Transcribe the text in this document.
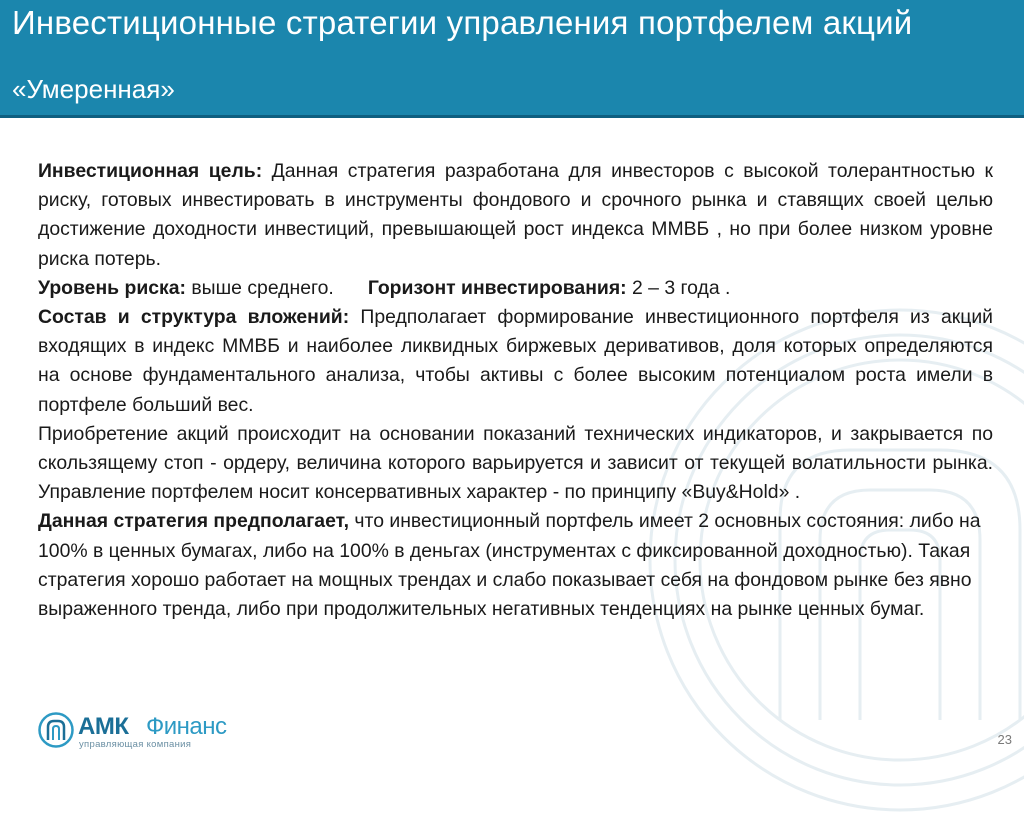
Инвестиционные стратегии управления портфелем акций
«Умеренная»

Инвестиционная цель: Данная стратегия разработана для инвесторов с высокой толерантностью к риску, готовых инвестировать в инструменты фондового и срочного рынка и ставящих своей целью достижение доходности инвестиций, превышающей рост индекса ММВБ , но при более низком уровне риска потерь.

Уровень риска: выше среднего. Горизонт инвестирования: 2 – 3 года .

Состав и структура вложений: Предполагает формирование инвестиционного портфеля из акций входящих в индекс ММВБ и наиболее ликвидных биржевых деривативов, доля которых определяются на основе фундаментального анализа, чтобы активы с более высоким потенциалом роста имели в портфеле больший вес.

Приобретение акций происходит на основании показаний технических индикаторов, и закрывается по скользящему стоп - ордеру, величина которого варьируется и зависит от текущей волатильности рынка. Управление портфелем носит консервативных характер - по принципу «Buy&Hold» .

Данная стратегия предполагает, что инвестиционный портфель имеет 2 основных состояния: либо на 100% в ценных бумагах, либо на 100% в деньгах (инструментах с фиксированной доходностью). Такая стратегия хорошо работает на мощных трендах и слабо показывает себя на фондовом рынке без явно выраженного тренда, либо при продолжительных негативных тенденциях на рынке ценных бумаг.

АМК Финанс
управляющая компания	23
